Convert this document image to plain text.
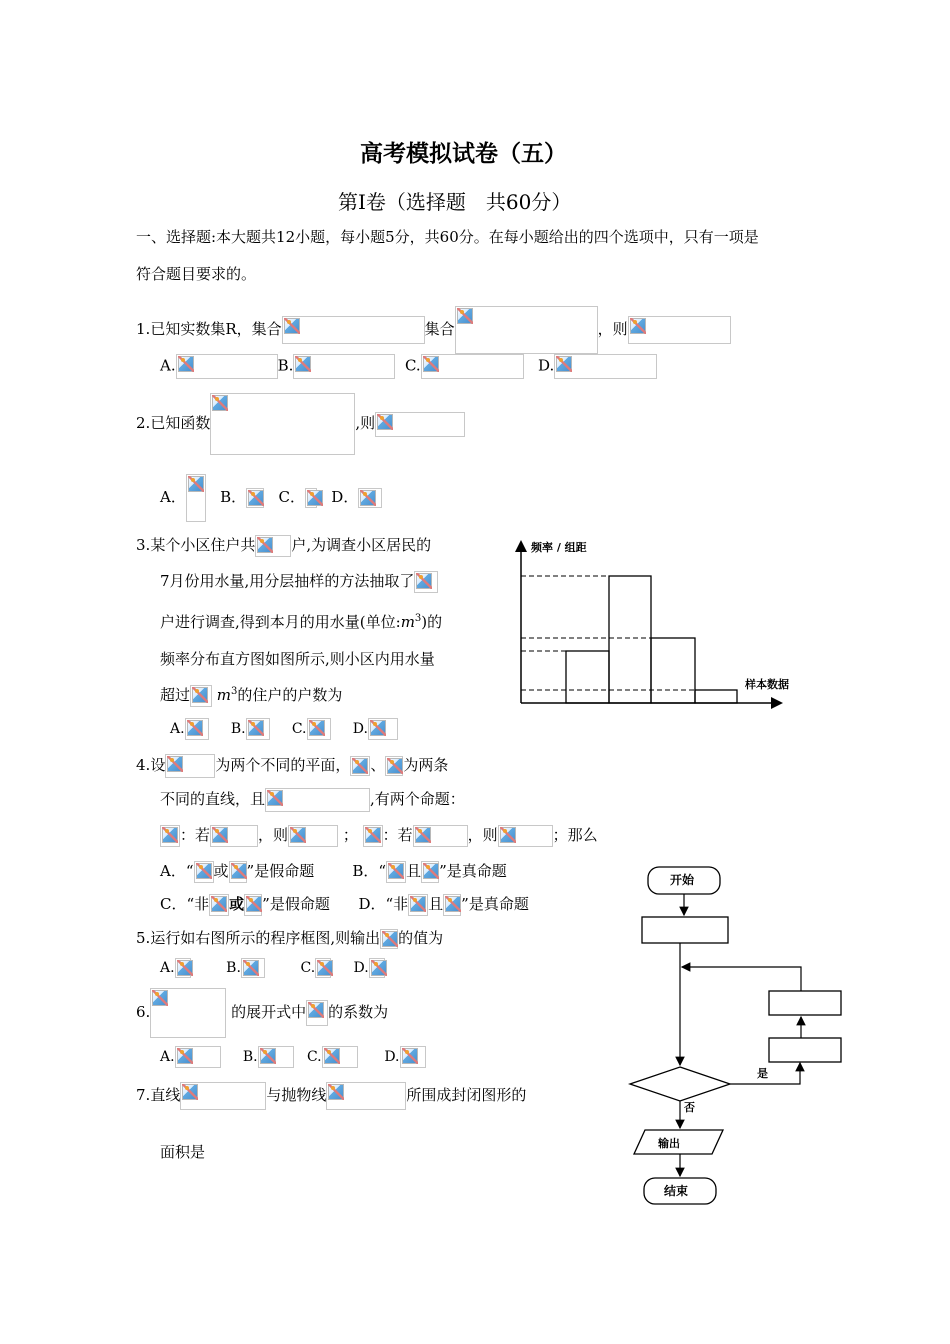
高考模拟试卷（五）
第Ⅰ卷（选择题　共60分）
一、选择题:本大题共12小题，每小题5分，共60分。在每小题给出的四个选项中，只有一项是
符合题目要求的。
1.已知实数集R，集合	集合	，则
A.	B.	C.	D.
2.已知函数	,则
A． B． C． D．
3.某个小区住户共 户,为调查小区居民的
7月份用水量,用分层抽样的方法抽取了
户进行调查,得到本月的用水量(单位$:m^3$)的
频率分布直方图如图所示,则小区内用水量
超过 $m^3$的住户的户数为
A.	B.	C.	D.
频率 / 组距
样本数据
4.设	为两个不同的平面， 、 为两条
不同的直线，且	,有两个命题：
：若	，则	； ：若	，则	；那么
A．“ 或 ”是假命题	B．“ 且 ”是真命题
C．“非 或 ”是假命题 D．“非 且 ”是真命题
5.运行如右图所示的程序框图,则输出 的值为
A.	B.	C.	D.
开始
是
否
输出
结束
6.	的展开式中 的系数为
A.	B.	C.	D.
7.直线	与抛物线	所围成封闭图形的
面积是
